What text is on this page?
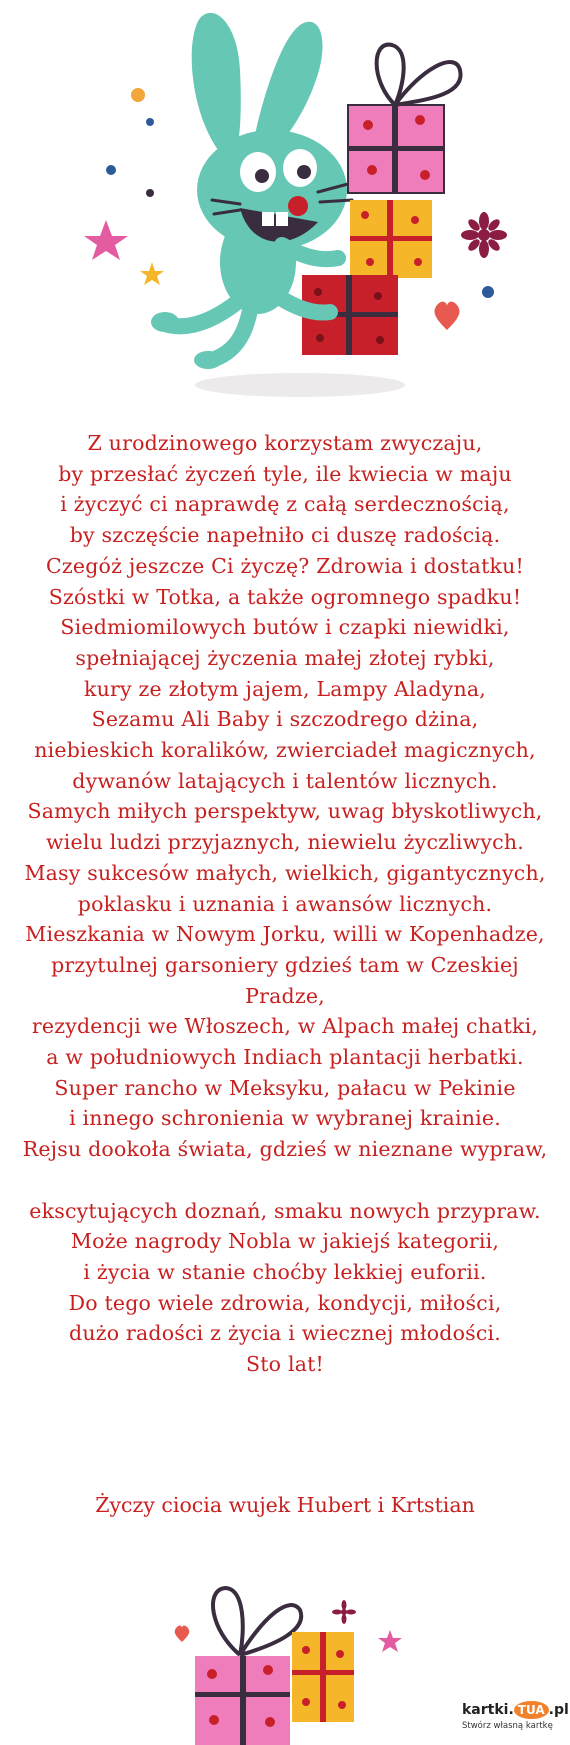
Z urodzinowego korzystam zwyczaju,
by przesłać życzeń tyle, ile kwiecia w maju
i życzyć ci naprawdę z całą serdecznością,
by szczęście napełniło ci duszę radością.
Czegóż jeszcze Ci życzę? Zdrowia i dostatku!
Szóstki w Totka, a także ogromnego spadku!
Siedmiomilowych butów i czapki niewidki,
spełniającej życzenia małej złotej rybki,
kury ze złotym jajem, Lampy Aladyna,
Sezamu Ali Baby i szczodrego dżina,
niebieskich koralików, zwierciadeł magicznych,
dywanów latających i talentów licznych.
Samych miłych perspektyw, uwag błyskotliwych,
wielu ludzi przyjaznych, niewielu życzliwych.
Masy sukcesów małych, wielkich, gigantycznych,
poklasku i uznania i awansów licznych.
Mieszkania w Nowym Jorku, willi w Kopenhadze,
przytulnej garsoniery gdzieś tam w Czeskiej Pradze,
rezydencji we Włoszech, w Alpach małej chatki,
a w południowych Indiach plantacji herbatki.
Super rancho w Meksyku, pałacu w Pekinie
i innego schronienia w wybranej krainie.
Rejsu dookoła świata, gdzieś w nieznane wypraw,
ekscytujących doznań, smaku nowych przypraw.
Może nagrody Nobla w jakiejś kategorii,
i życia w stanie choćby lekkiej euforii.
Do tego wiele zdrowia, kondycji, miłości,
dużo radości z życia i wiecznej młodości.
Sto lat!
Życzy ciocia wujek Hubert i Krtstian
kartki. TUA .pl
Stwórz własną kartkę
